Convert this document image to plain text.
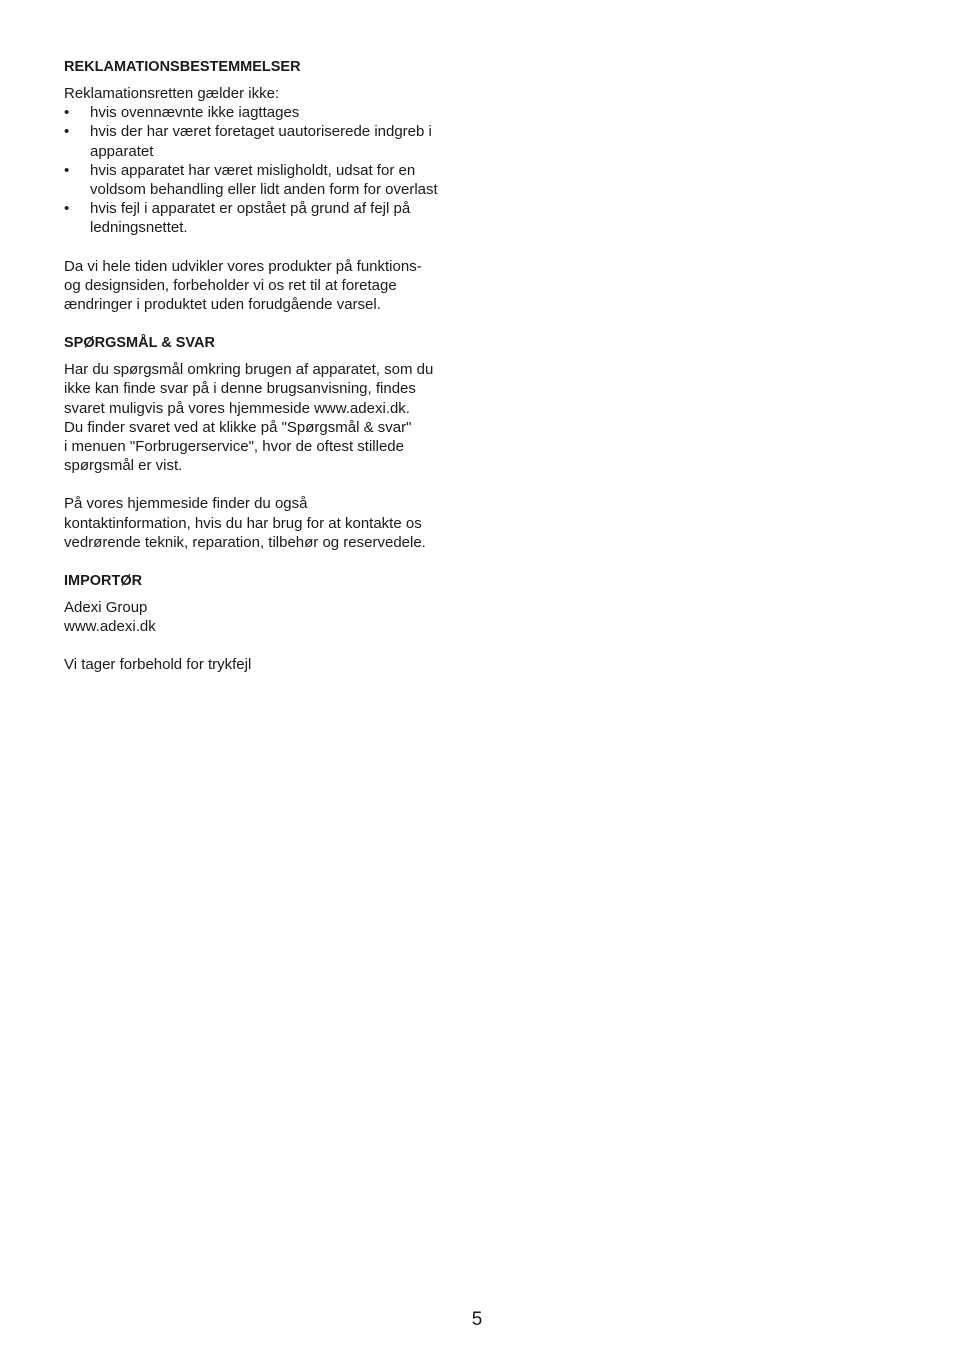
REKLAMATIONSBESTEMMELSER

Reklamationsretten gælder ikke:

• hvis ovennævnte ikke iagttages
• hvis der har været foretaget uautoriserede indgreb i
apparatet
• hvis apparatet har været misligholdt, udsat for en
voldsom behandling eller lidt anden form for overlast
• hvis fejl i apparatet er opstået på grund af fejl på
ledningsnettet.

Da vi hele tiden udvikler vores produkter på funktions-
og designsiden, forbeholder vi os ret til at foretage
ændringer i produktet uden forudgående varsel.

SPØRGSMÅL & SVAR

Har du spørgsmål omkring brugen af apparatet, som du
ikke kan finde svar på i denne brugsanvisning, findes
svaret muligvis på vores hjemmeside www.adexi.dk.
Du finder svaret ved at klikke på "Spørgsmål & svar"
i menuen "Forbrugerservice", hvor de oftest stillede
spørgsmål er vist.

På vores hjemmeside finder du også
kontaktinformation, hvis du har brug for at kontakte os
vedrørende teknik, reparation, tilbehør og reservedele.

IMPORTØR

Adexi Group
www.adexi.dk

Vi tager forbehold for trykfejl

5
